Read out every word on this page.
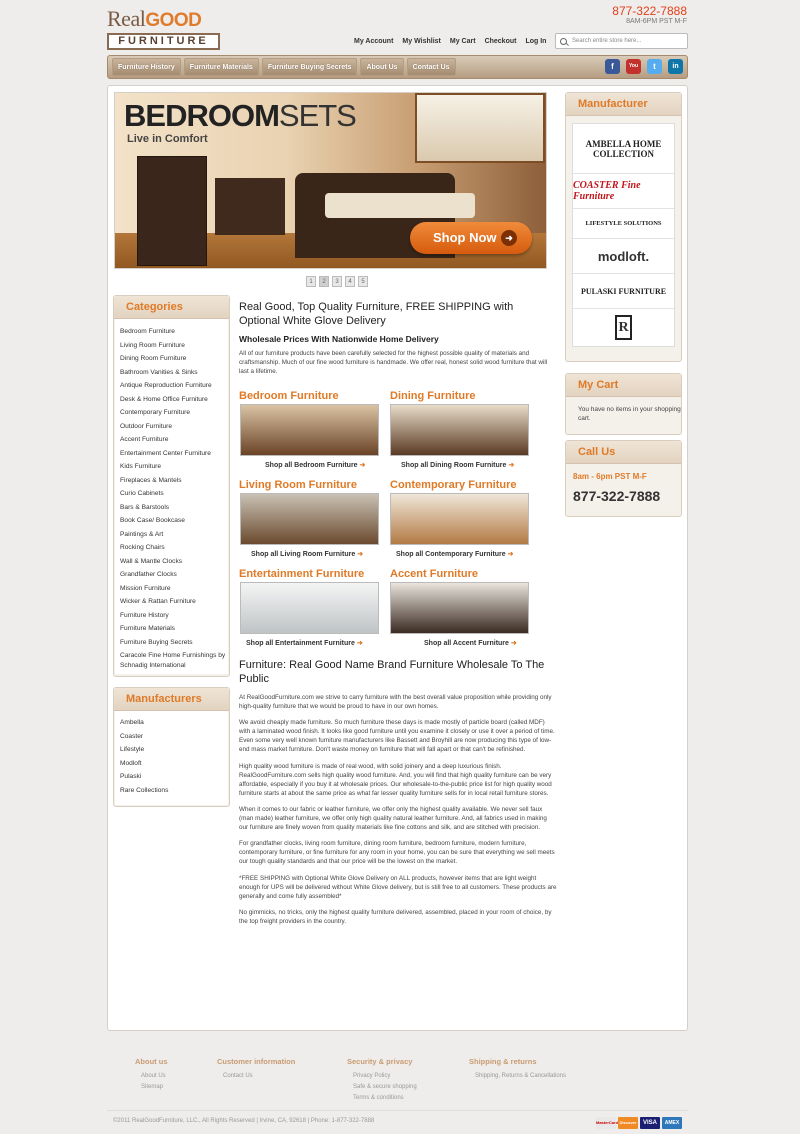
RealGOOD
FURNITURE
877-322-7888
8AM-6PM PST M-F
My Account My Wishlist My Cart Checkout Log In	Search entire store here...
Furniture History	Furniture Materials	Furniture Buying Secrets	About Us	Contact Us	f	You	t	in
BEDROOMSETS
Live in Comfort
Shop Now ➜
1	2	3	4	5
Categories
Bedroom Furniture
Living Room Furniture
Dining Room Furniture
Bathroom Vanities & Sinks
Antique Reproduction Furniture
Desk & Home Office Furniture
Contemporary Furniture
Outdoor Furniture
Accent Furniture
Entertainment Center Furniture
Kids Furniture
Fireplaces & Mantels
Curio Cabinets
Bars & Barstools
Book Case/ Bookcase
Paintings & Art
Rocking Chairs
Wall & Mantle Clocks
Grandfather Clocks
Mission Furniture
Wicker & Rattan Furniture
Furniture History
Furniture Materials
Furniture Buying Secrets
Caracole Fine Home Furnishings by Schnadig International
Manufacturers
Ambella
Coaster
Lifestyle
Modloft
Pulaski
Rare Collections
Manufacturer
AMBELLA HOME COLLECTION
COASTER Fine Furniture
LIFESTYLE SOLUTIONS
modloft.
PULASKI FURNITURE
R
My Cart
You have no items in your shopping cart.
Call Us
8am - 6pm PST M-F
877-322-7888
Real Good, Top Quality Furniture, FREE SHIPPING with Optional White Glove Delivery
Wholesale Prices With Nationwide Home Delivery

All of our furniture products have been carefully selected for the highest possible quality of materials and craftsmanship. Much of our fine wood furniture is handmade. We offer real, honest solid wood furniture that will last a lifetime.

Bedroom Furniture
Shop all Bedroom Furniture ➜
Dining Furniture
Shop all Dining Room Furniture ➜
Living Room Furniture
Shop all Living Room Furniture ➜
Contemporary Furniture
Shop all Contemporary Furniture ➜
Entertainment Furniture
Shop all Entertainment Furniture ➜
Accent Furniture
Shop all Accent Furniture ➜
Furniture: Real Good Name Brand Furniture Wholesale To The Public

At RealGoodFurniture.com we strive to carry furniture with the best overall value proposition while providing only high-quality furniture that we would be proud to have in our own homes.

We avoid cheaply made furniture. So much furniture these days is made mostly of particle board (called MDF) with a laminated wood finish. It looks like good furniture until you examine it closely or use it over a period of time. Even some very well known furniture manufacturers like Bassett and Broyhill are now producing this type of low-end mass market furniture. Don't waste money on furniture that will fall apart or that can't be refinished.

High quality wood furniture is made of real wood, with solid joinery and a deep luxurious finish. RealGoodFurniture.com sells high quality wood furniture. And, you will find that high quality furniture can be very affordable, especially if you buy it at wholesale prices. Our wholesale-to-the-public price list for high quality wood furniture starts at about the same price as what far lesser quality furniture sells for in local retail furniture stores.

When it comes to our fabric or leather furniture, we offer only the highest quality available. We never sell faux (man made) leather furniture, we offer only high quality natural leather furniture. And, all fabrics used in making our furniture are finely woven from quality materials like fine cottons and silk, and are stitched with precision.

For grandfather clocks, living room furniture, dining room furniture, bedroom furniture, modern furniture, contemporary furniture, or fine furniture for any room in your home, you can be sure that everything we sell meets our tough quality standards and that our price will be the lowest on the market.

*FREE SHIPPING with Optional White Glove Delivery on ALL products, however items that are light weight enough for UPS will be delivered without White Glove delivery, but is still free to all customers. These products are generally and come fully assembled*

No gimmicks, no tricks, only the highest quality furniture delivered, assembled, placed in your room of choice, by the top freight providers in the country.

About us
About Us
Sitemap
Customer information
Contact Us
Security & privacy
Privacy Policy
Safe & secure shopping
Terms & conditions
Shipping & returns
Shipping, Returns & Cancellations
©2011 RealGoodFurniture, LLC., All Rights Reserved | Irvine, CA, 92618 | Phone: 1-877-322-7888	MasterCard Discover	VISA	AMEX
